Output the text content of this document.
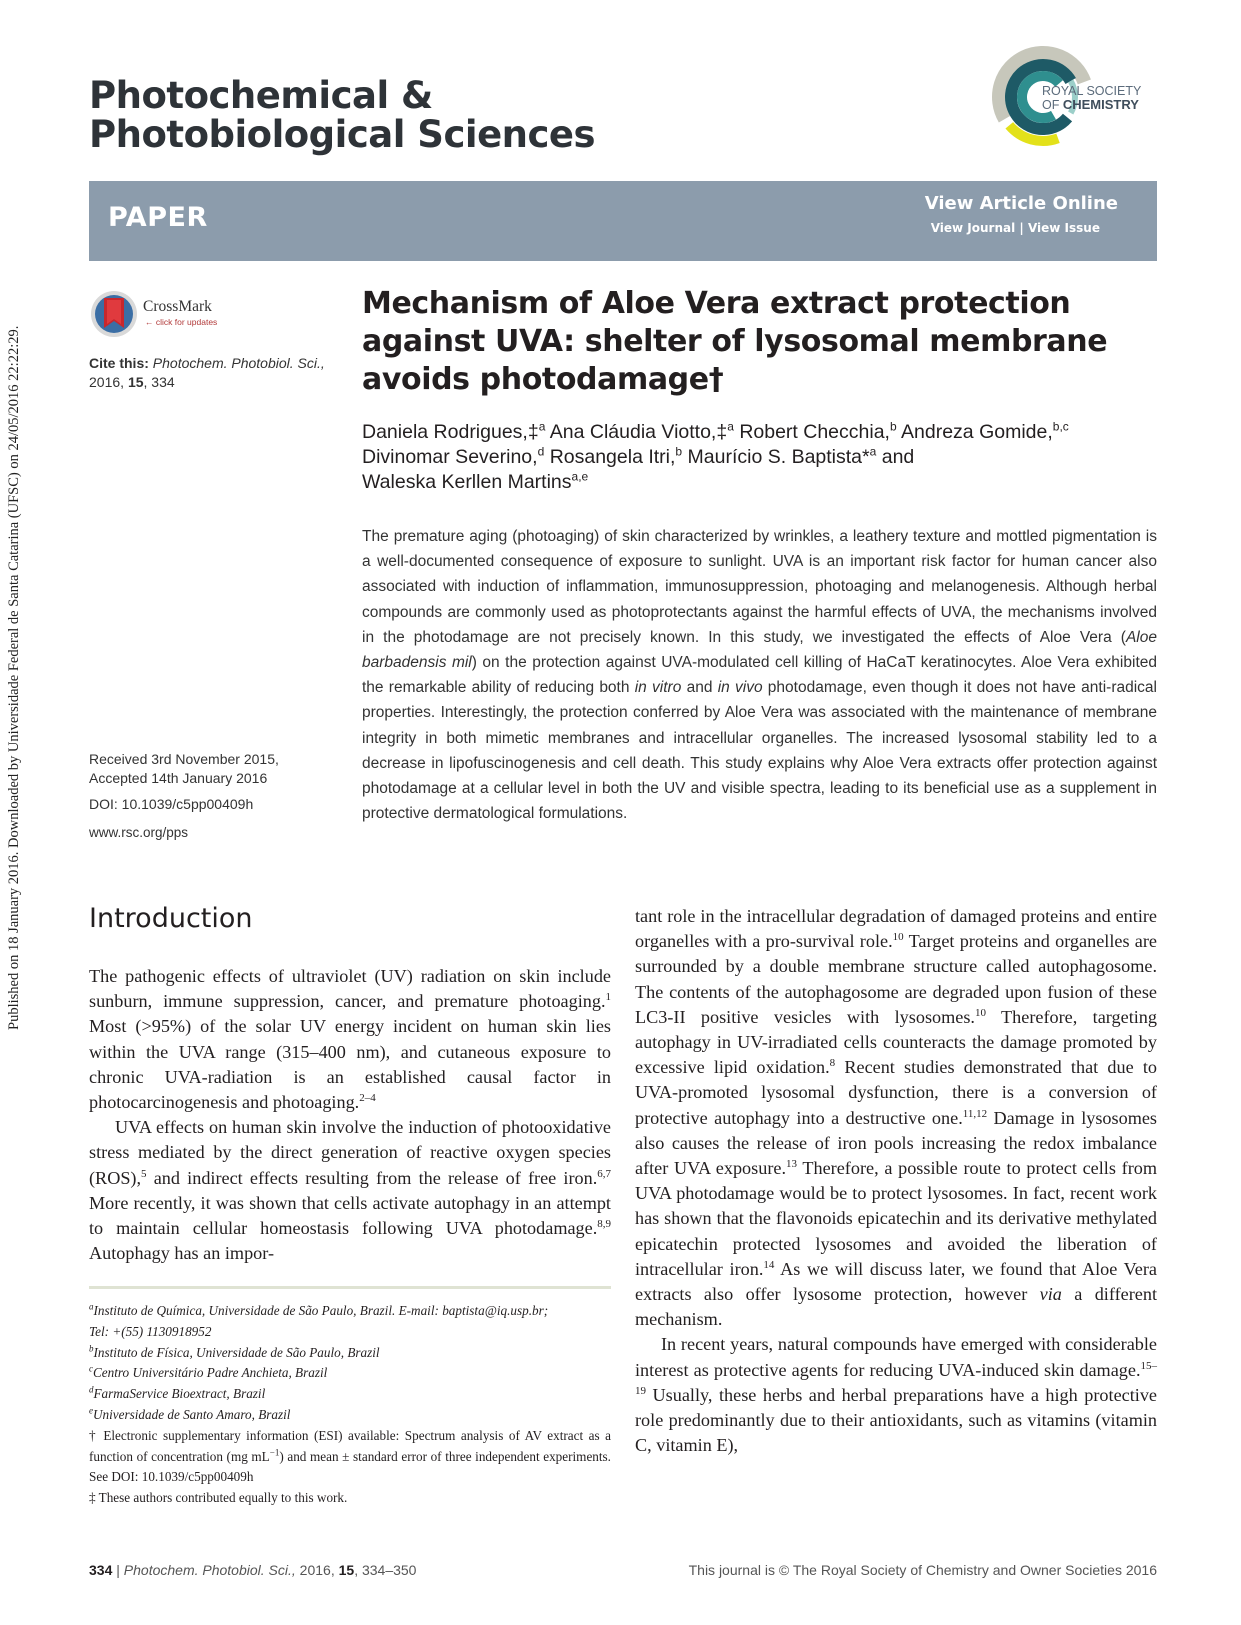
Published on 18 January 2016. Downloaded by Universidade Federal de Santa Catarina (UFSC) on 24/05/2016 22:22:29.
Photochemical &
Photobiological Sciences
ROYAL SOCIETY
OF CHEMISTRY
PAPER	View Article Online
View Journal | View Issue
CrossMark
← click for updates
Cite this: Photochem. Photobiol. Sci.,
2016, 15, 334
Received 3rd November 2015,
Accepted 14th January 2016
DOI: 10.1039/c5pp00409h
www.rsc.org/pps
Mechanism of Aloe Vera extract protection against UVA: shelter of lysosomal membrane avoids photodamage†
Daniela Rodrigues,‡$^a$ Ana Cláudia Viotto,‡$^a$ Robert Checchia,$^b$ Andreza Gomide,$^{b,c}$ Divinomar Severino,$^d$ Rosangela Itri,$^b$ Maurício S. Baptista*$^a$ and
Waleska Kerllen Martins$^{a,e}$
The premature aging (photoaging) of skin characterized by wrinkles, a leathery texture and mottled pigmentation is a well-documented consequence of exposure to sunlight. UVA is an important risk factor for human cancer also associated with induction of inflammation, immunosuppression, photoaging and melanogenesis. Although herbal compounds are commonly used as photoprotectants against the harmful effects of UVA, the mechanisms involved in the photodamage are not precisely known. In this study, we investigated the effects of Aloe Vera (Aloe barbadensis mil) on the protection against UVA-modulated cell killing of HaCaT keratinocytes. Aloe Vera exhibited the remarkable ability of reducing both in vitro and in vivo photodamage, even though it does not have anti-radical properties. Interestingly, the protection conferred by Aloe Vera was associated with the maintenance of membrane integrity in both mimetic membranes and intracellular organelles. The increased lysosomal stability led to a decrease in lipofuscinogenesis and cell death. This study explains why Aloe Vera extracts offer protection against photodamage at a cellular level in both the UV and visible spectra, leading to its beneficial use as a supplement in protective dermatological formulations.
Introduction

The pathogenic effects of ultraviolet (UV) radiation on skin include sunburn, immune suppression, cancer, and premature photoaging.$^1$ Most (>95%) of the solar UV energy incident on human skin lies within the UVA range (315–400 nm), and cutaneous exposure to chronic UVA-radiation is an established causal factor in photocarcinogenesis and photoaging.$^{2-4}$

UVA effects on human skin involve the induction of photooxidative stress mediated by the direct generation of reactive oxygen species (ROS),$^5$ and indirect effects resulting from the release of free iron.$^{6,7}$ More recently, it was shown that cells activate autophagy in an attempt to maintain cellular homeostasis following UVA photodamage.$^{8,9}$ Autophagy has an impor-

tant role in the intracellular degradation of damaged proteins and entire organelles with a pro-survival role.$^{10}$ Target proteins and organelles are surrounded by a double membrane structure called autophagosome. The contents of the autophagosome are degraded upon fusion of these LC3-II positive vesicles with lysosomes.$^{10}$ Therefore, targeting autophagy in UV-irradiated cells counteracts the damage promoted by excessive lipid oxidation.$^8$ Recent studies demonstrated that due to UVA-promoted lysosomal dysfunction, there is a conversion of protective autophagy into a destructive one.$^{11,12}$ Damage in lysosomes also causes the release of iron pools increasing the redox imbalance after UVA exposure.$^{13}$ Therefore, a possible route to protect cells from UVA photodamage would be to protect lysosomes. In fact, recent work has shown that the flavonoids epicatechin and its derivative methylated epicatechin protected lysosomes and avoided the liberation of intracellular iron.$^{14}$ As we will discuss later, we found that Aloe Vera extracts also offer lysosome protection, however via a different mechanism.

In recent years, natural compounds have emerged with considerable interest as protective agents for reducing UVA-induced skin damage.$^{15-19}$ Usually, these herbs and herbal preparations have a high protective role predominantly due to their antioxidants, such as vitamins (vitamin C, vitamin E),

$^a$Instituto de Química, Universidade de São Paulo, Brazil. E-mail: baptista@iq.usp.br;
Tel: +(55) 1130918952
$^b$Instituto de Física, Universidade de São Paulo, Brazil
$^c$Centro Universitário Padre Anchieta, Brazil
$^d$FarmaService Bioextract, Brazil
$^e$Universidade de Santo Amaro, Brazil
† Electronic supplementary information (ESI) available: Spectrum analysis of AV extract as a function of concentration (mg $mL^{-1}$) and mean ± standard error of three independent experiments. See DOI: 10.1039/c5pp00409h
‡ These authors contributed equally to this work.
334 | Photochem. Photobiol. Sci., 2016, 15, 334–350	This journal is © The Royal Society of Chemistry and Owner Societies 2016
